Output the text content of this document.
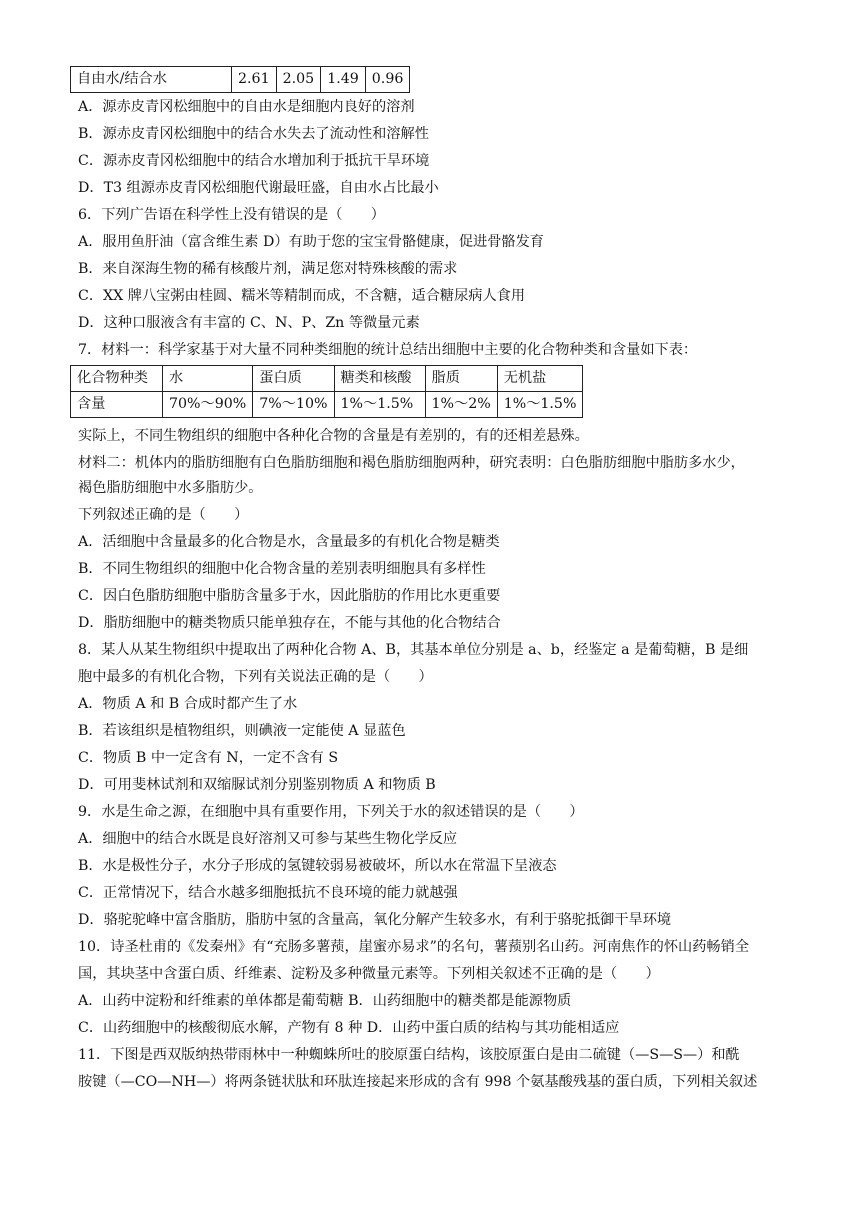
自由水/结合水	2.61	2.05	1.49	0.96
A．源赤皮青冈松细胞中的自由水是细胞内良好的溶剂
B．源赤皮青冈松细胞中的结合水失去了流动性和溶解性
C．源赤皮青冈松细胞中的结合水增加利于抵抗干旱环境
D．T3 组源赤皮青冈松细胞代谢最旺盛，自由水占比最小
6．下列广告语在科学性上没有错误的是（　　）
A．服用鱼肝油（富含维生素 D）有助于您的宝宝骨骼健康，促进骨骼发育
B．来自深海生物的稀有核酸片剂，满足您对特殊核酸的需求
C．XX 牌八宝粥由桂圆、糯米等精制而成，不含糖，适合糖尿病人食用
D．这种口服液含有丰富的 C、N、P、Zn 等微量元素
7．材料一：科学家基于对大量不同种类细胞的统计总结出细胞中主要的化合物种类和含量如下表：
化合物种类	水	蛋白质	糖类和核酸	脂质	无机盐
含量	70%～90%	7%～10%	1%～1.5%	1%～2%	1%～1.5%
实际上，不同生物组织的细胞中各种化合物的含量是有差别的，有的还相差悬殊。
材料二：机体内的脂肪细胞有白色脂肪细胞和褐色脂肪细胞两种，研究表明：白色脂肪细胞中脂肪多水少，
褐色脂肪细胞中水多脂肪少。
下列叙述正确的是（　　）
A．活细胞中含量最多的化合物是水，含量最多的有机化合物是糖类
B．不同生物组织的细胞中化合物含量的差别表明细胞具有多样性
C．因白色脂肪细胞中脂肪含量多于水，因此脂肪的作用比水更重要
D．脂肪细胞中的糖类物质只能单独存在，不能与其他的化合物结合
8．某人从某生物组织中提取出了两种化合物 A、B，其基本单位分别是 a、b，经鉴定 a 是葡萄糖，B 是细
胞中最多的有机化合物，下列有关说法正确的是（　　）
A．物质 A 和 B 合成时都产生了水
B．若该组织是植物组织，则碘液一定能使 A 显蓝色
C．物质 B 中一定含有 N，一定不含有 S
D．可用斐林试剂和双缩脲试剂分别鉴别物质 A 和物质 B
9．水是生命之源，在细胞中具有重要作用，下列关于水的叙述错误的是（　　）
A．细胞中的结合水既是良好溶剂又可参与某些生物化学反应
B．水是极性分子，水分子形成的氢键较弱易被破坏，所以水在常温下呈液态
C．正常情况下，结合水越多细胞抵抗不良环境的能力就越强
D．骆驼驼峰中富含脂肪，脂肪中氢的含量高，氧化分解产生较多水，有利于骆驼抵御干旱环境
10．诗圣杜甫的《发秦州》有“充肠多薯蓣，崖蜜亦易求”的名句，薯蓣别名山药。河南焦作的怀山药畅销全
国，其块茎中含蛋白质、纤维素、淀粉及多种微量元素等。下列相关叙述不正确的是（　　）
A．山药中淀粉和纤维素的单体都是葡萄糖 B．山药细胞中的糖类都是能源物质
C．山药细胞中的核酸彻底水解，产物有 8 种 D．山药中蛋白质的结构与其功能相适应
11．下图是西双版纳热带雨林中一种蜘蛛所吐的胶原蛋白结构，该胶原蛋白是由二硫键（—S—S—）和酰
胺键（—CO—NH—）将两条链状肽和环肽连接起来形成的含有 998 个氨基酸残基的蛋白质，下列相关叙述
